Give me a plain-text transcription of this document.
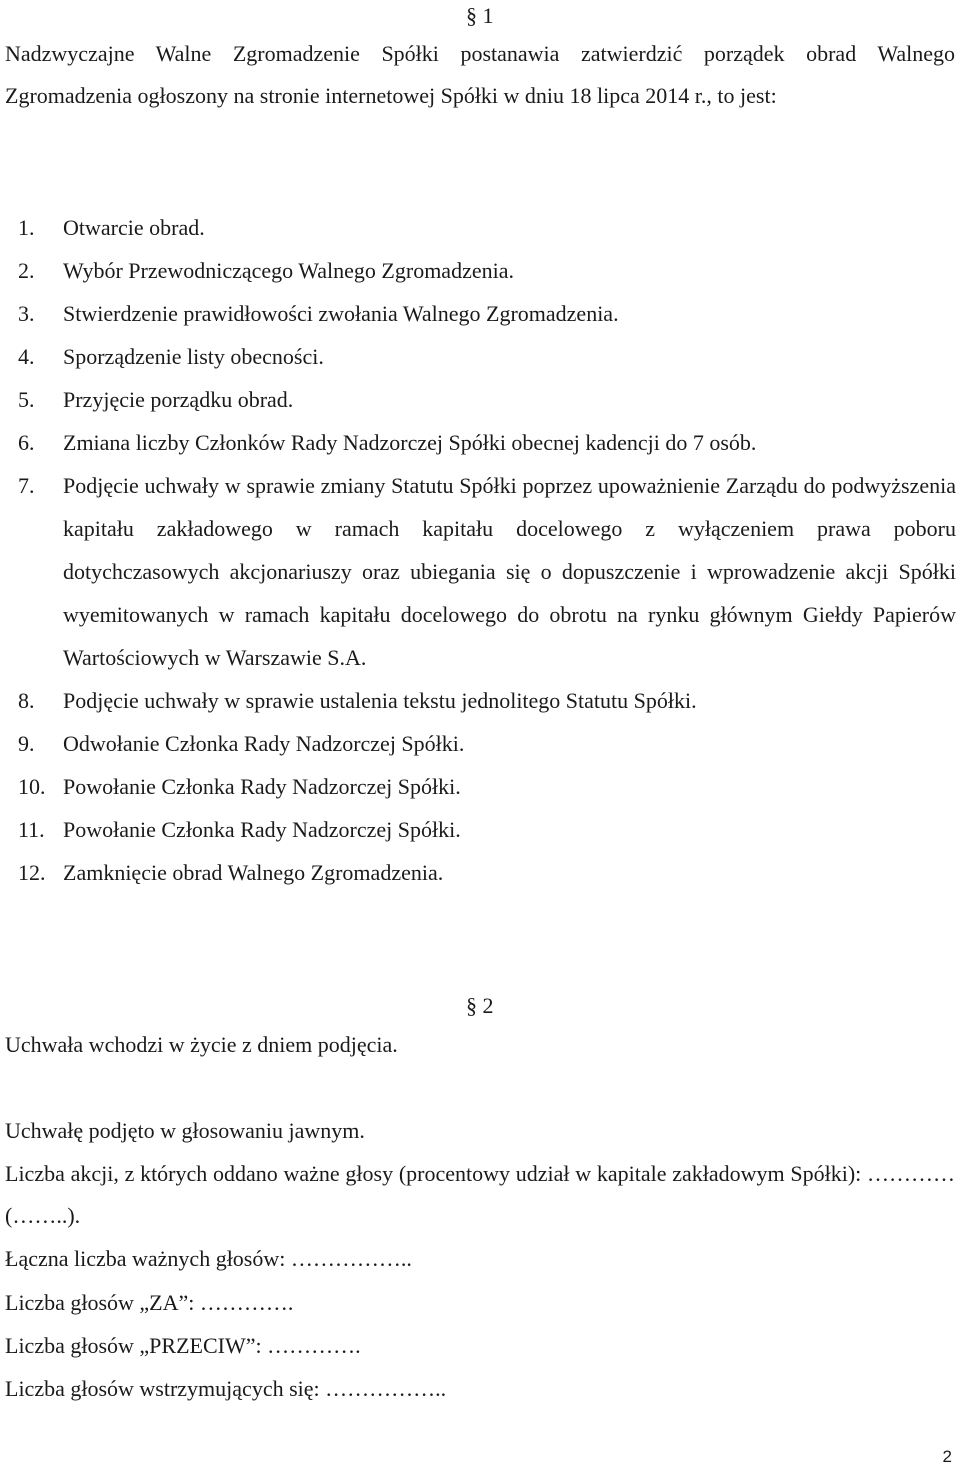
§ 1
Nadzwyczajne Walne Zgromadzenie Spółki postanawia zatwierdzić porządek obrad Walnego Zgromadzenia ogłoszony na stronie internetowej Spółki w dniu 18 lipca 2014 r., to jest:
1. Otwarcie obrad.
2. Wybór Przewodniczącego Walnego Zgromadzenia.
3. Stwierdzenie prawidłowości zwołania Walnego Zgromadzenia.
4. Sporządzenie listy obecności.
5. Przyjęcie porządku obrad.
6. Zmiana liczby Członków Rady Nadzorczej Spółki obecnej kadencji do 7 osób.
7. Podjęcie uchwały w sprawie zmiany Statutu Spółki poprzez upoważnienie Zarządu do podwyższenia kapitału zakładowego w ramach kapitału docelowego z wyłączeniem prawa poboru dotychczasowych akcjonariuszy oraz ubiegania się o dopuszczenie i wprowadzenie akcji Spółki wyemitowanych w ramach kapitału docelowego do obrotu na rynku głównym Giełdy Papierów Wartościowych w Warszawie S.A.
8. Podjęcie uchwały w sprawie ustalenia tekstu jednolitego Statutu Spółki.
9. Odwołanie Członka Rady Nadzorczej Spółki.
10. Powołanie Członka Rady Nadzorczej Spółki.
11. Powołanie Członka Rady Nadzorczej Spółki.
12. Zamknięcie obrad Walnego Zgromadzenia.
§ 2
Uchwała wchodzi w życie z dniem podjęcia.
Uchwałę podjęto w głosowaniu jawnym.
Liczba akcji, z których oddano ważne głosy (procentowy udział w kapitale zakładowym Spółki): ………… (……..).
Łączna liczba ważnych głosów: ……………..
Liczba głosów „ZA”: ………….
Liczba głosów „PRZECIW”: ………….
Liczba głosów wstrzymujących się: ……………..
2
